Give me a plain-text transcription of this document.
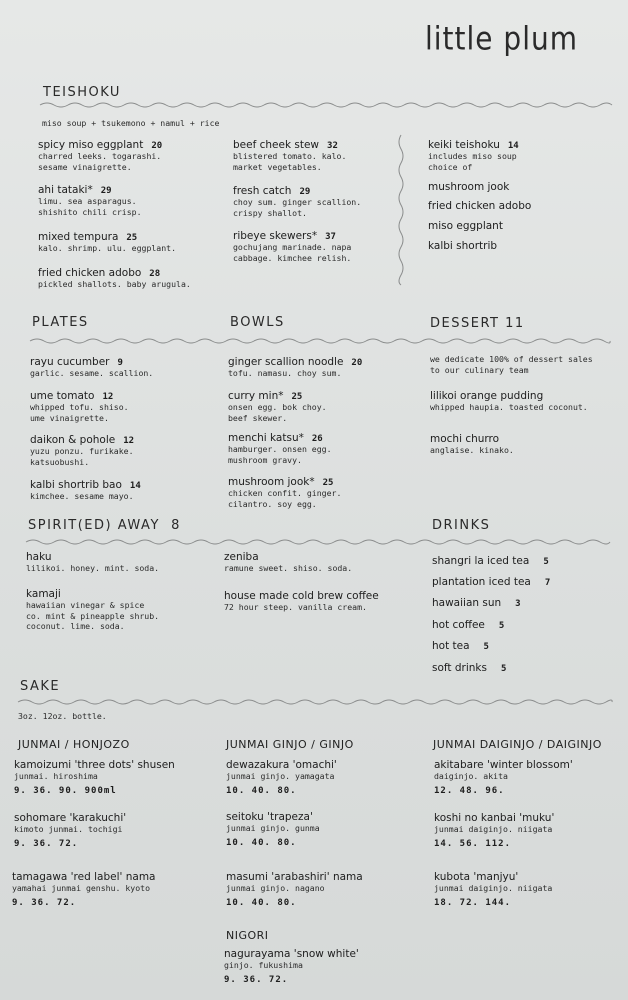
little plum
TEISHOKU
miso soup + tsukemono + namul + rice
spicy miso eggplant 20
charred leeks. togarashi.
sesame vinaigrette.
ahi tataki* 29
limu. sea asparagus.
shishito chili crisp.
mixed tempura 25
kalo. shrimp. ulu. eggplant.
fried chicken adobo 28
pickled shallots. baby arugula.
beef cheek stew 32
blistered tomato. kalo.
market vegetables.
fresh catch 29
choy sum. ginger scallion.
crispy shallot.
ribeye skewers* 37
gochujang marinade. napa
cabbage. kimchee relish.
keiki teishoku 14
includes miso soup
choice of
mushroom jook
fried chicken adobo
miso eggplant
kalbi shortrib
PLATES	BOWLS	DESSERT 11
rayu cucumber 9
garlic. sesame. scallion.
ume tomato 12
whipped tofu. shiso.
ume vinaigrette.
daikon & pohole 12
yuzu ponzu. furikake.
katsuobushi.
kalbi shortrib bao 14
kimchee. sesame mayo.
ginger scallion noodle 20
tofu. namasu. choy sum.
curry min* 25
onsen egg. bok choy.
beef skewer.
menchi katsu* 26
hamburger. onsen egg.
mushroom gravy.
mushroom jook* 25
chicken confit. ginger.
cilantro. soy egg.
we dedicate 100% of dessert sales
to our culinary team
lilikoi orange pudding
whipped haupia. toasted coconut.
mochi churro
anglaise. kinako.
SPIRIT(ED) AWAY 8	DRINKS
haku
lilikoi. honey. mint. soda.
kamaji
hawaiian vinegar & spice
co. mint & pineapple shrub.
coconut. lime. soda.
zeniba
ramune sweet. shiso. soda.
house made cold brew coffee
72 hour steep. vanilla cream.
shangri la iced tea 5
plantation iced tea 7
hawaiian sun 3
hot coffee 5
hot tea 5
soft drinks 5
SAKE
3oz. 12oz. bottle.
JUNMAI / HONJOZO
kamoizumi 'three dots' shusen
junmai. hiroshima
9. 36. 90. 900ml
sohomare 'karakuchi'
kimoto junmai. tochigi
9. 36. 72.
tamagawa 'red label' nama
yamahai junmai genshu. kyoto
9. 36. 72.
JUNMAI GINJO / GINJO
dewazakura 'omachi'
junmai ginjo. yamagata
10. 40. 80.
seitoku 'trapeza'
junmai ginjo. gunma
10. 40. 80.
masumi 'arabashiri' nama
junmai ginjo. nagano
10. 40. 80.
NIGORI
nagurayama 'snow white'
ginjo. fukushima
9. 36. 72.
JUNMAI DAIGINJO / DAIGINJO
akitabare 'winter blossom'
daiginjo. akita
12. 48. 96.
koshi no kanbai 'muku'
junmai daiginjo. niigata
14. 56. 112.
kubota 'manjyu'
junmai daiginjo. niigata
18. 72. 144.
